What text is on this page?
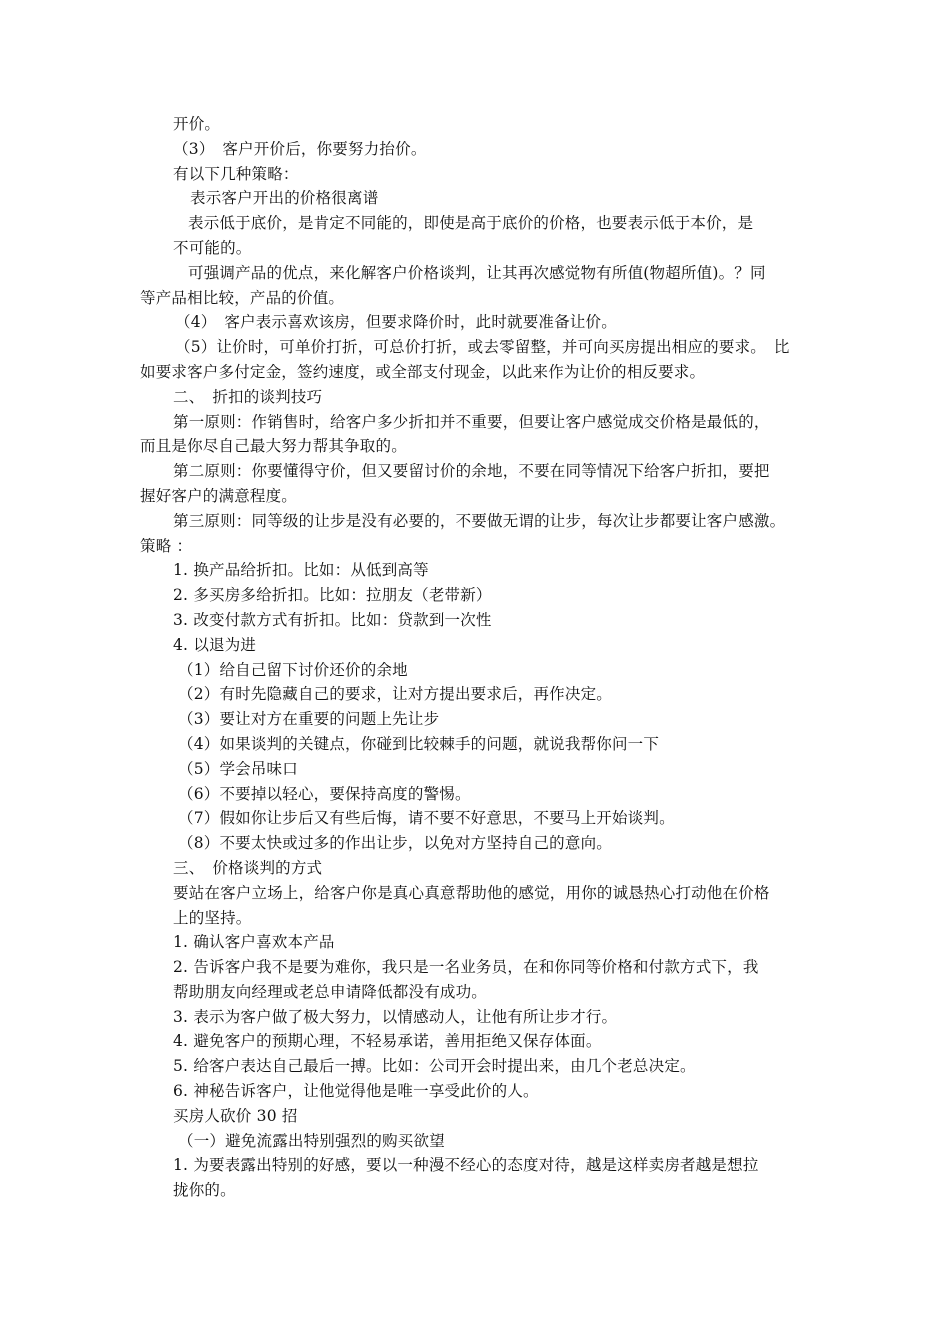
开价。
（3）　客户开价后，你要努力抬价。
有以下几种策略：
表示客户开出的价格很离谱
表示低于底价，是肯定不同能的，即使是高于底价的价格，也要表示低于本价，是
不可能的。
可强调产品的优点，来化解客户价格谈判，让其再次感觉物有所值(物超所值)。？同
等产品相比较，产品的价值。
（4）　客户表示喜欢该房，但要求降价时，此时就要准备让价。
（5）让价时，可单价打折，可总价打折，或去零留整，并可向买房提出相应的要求。　比
如要求客户多付定金，签约速度，或全部支付现金，以此来作为让价的相反要求。
二、　折扣的谈判技巧
第一原则：作销售时，给客户多少折扣并不重要，但要让客户感觉成交价格是最低的，
而且是你尽自己最大努力帮其争取的。
第二原则：你要懂得守价，但又要留讨价的余地，不要在同等情况下给客户折扣，要把
握好客户的满意程度。
第三原则：同等级的让步是没有必要的，不要做无谓的让步，每次让步都要让客户感激。
策略 ：
1. 换产品给折扣。比如：从低到高等
2. 多买房多给折扣。比如：拉朋友（老带新）
3. 改变付款方式有折扣。比如：贷款到一次性
4. 以退为进
（1）给自己留下讨价还价的余地
（2）有时先隐藏自己的要求，让对方提出要求后，再作决定。
（3）要让对方在重要的问题上先让步
（4）如果谈判的关键点，你碰到比较棘手的问题，就说我帮你问一下
（5）学会吊味口
（6）不要掉以轻心，要保持高度的警惕。
（7）假如你让步后又有些后悔，请不要不好意思，不要马上开始谈判。
（8）不要太快或过多的作出让步，以免对方坚持自己的意向。
三、　价格谈判的方式
要站在客户立场上，给客户你是真心真意帮助他的感觉，用你的诚恳热心打动他在价格
上的坚持。
1. 确认客户喜欢本产品
2. 告诉客户我不是要为难你，我只是一名业务员，在和你同等价格和付款方式下，我
帮助朋友向经理或老总申请降低都没有成功。
3. 表示为客户做了极大努力，以情感动人，让他有所让步才行。
4. 避免客户的预期心理，不轻易承诺，善用拒绝又保存体面。
5. 给客户表达自己最后一搏。比如：公司开会时提出来，由几个老总决定。
6. 神秘告诉客户，让他觉得他是唯一享受此价的人。
买房人砍价 30 招
（一）避免流露出特别强烈的购买欲望
1. 为要表露出特别的好感，要以一种漫不经心的态度对待，越是这样卖房者越是想拉
拢你的。
